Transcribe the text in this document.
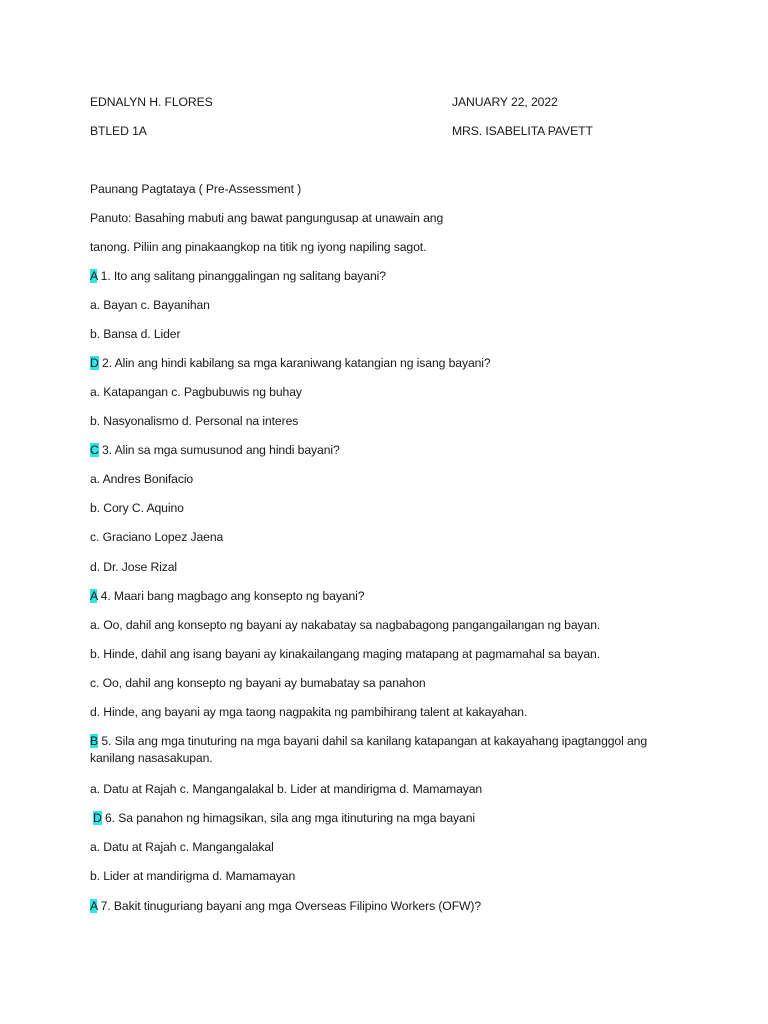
EDNALYN H. FLORES	JANUARY 22, 2022
BTLED 1A	MRS. ISABELITA PAVETT
Paunang Pagtataya ( Pre-Assessment )
Panuto: Basahing mabuti ang bawat pangungusap at unawain ang
tanong. Piliin ang pinakaangkop na titik ng iyong napiling sagot.
A 1. Ito ang salitang pinanggalingan ng salitang bayani?
a. Bayan c. Bayanihan
b. Bansa d. Lider
D 2. Alin ang hindi kabilang sa mga karaniwang katangian ng isang bayani?
a. Katapangan c. Pagbubuwis ng buhay
b. Nasyonalismo d. Personal na interes
C 3. Alin sa mga sumusunod ang hindi bayani?
a. Andres Bonifacio
b. Cory C. Aquino
c. Graciano Lopez Jaena
d. Dr. Jose Rizal
A 4. Maari bang magbago ang konsepto ng bayani?
a. Oo, dahil ang konsepto ng bayani ay nakabatay sa nagbabagong pangangailangan ng bayan.
b. Hinde, dahil ang isang bayani ay kinakailangang maging matapang at pagmamahal sa bayan.
c. Oo, dahil ang konsepto ng bayani ay bumabatay sa panahon
d. Hinde, ang bayani ay mga taong nagpakita ng pambihirang talent at kakayahan.
B 5. Sila ang mga tinuturing na mga bayani dahil sa kanilang katapangan at kakayahang ipagtanggol ang kanilang nasasakupan.
a. Datu at Rajah c. Mangangalakal b. Lider at mandirigma d. Mamamayan
D 6. Sa panahon ng himagsikan, sila ang mga itinuturing na mga bayani
a. Datu at Rajah c. Mangangalakal
b. Lider at mandirigma d. Mamamayan
A 7. Bakit tinuguriang bayani ang mga Overseas Filipino Workers (OFW)?
